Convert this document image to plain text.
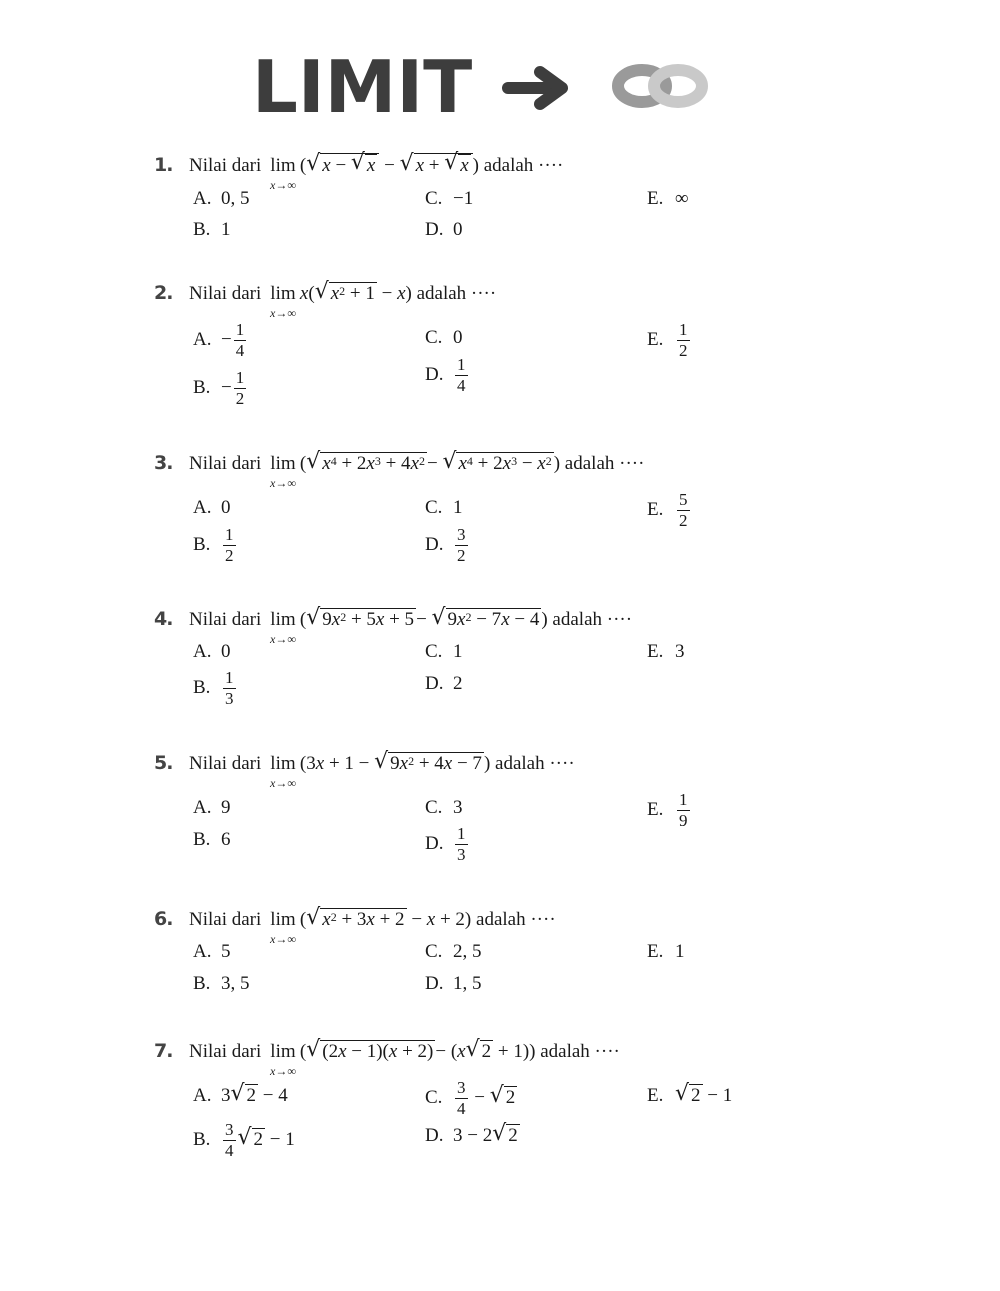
LIMIT
1. Nilai dari lim
x→∞
( √ x − √ x − √ x + √ x ) adalah ····
A. 0, 5
B. 1
C. −1
D. 0
E. ∞
2. Nilai dari lim
x→∞
x( √ $x^2 + 1 - x$) adalah ····
A. − $\frac{1}{4}$
B. − $\frac{1}{2}$
C. 0
D. $\frac{1}{4}$
E. $\frac{1}{2}$
3. Nilai dari lim
x→∞
( √ $x^4 + 2x^3 + 4x^2$ − √ $x^4 + 2x^3 - x^2$ ) adalah ····
A. 0
B. $\frac{1}{2}$
C. 1
D. $\frac{3}{2}$
E. $\frac{5}{2}$
4. Nilai dari lim
x→∞
( √ $9x^2 + 5x + 5$ − √ $9x^2 - 7x - 4$ ) adalah ····
A. 0
B. $\frac{1}{3}$
C. 1
D. 2
E. 3
5. Nilai dari lim
x→∞
(3x + 1 − √ $9x^2 + 4x - 7$ ) adalah ····
A. 9
B. 6
C. 3
D. $\frac{1}{3}$
E. $\frac{1}{9}$
6. Nilai dari lim
x→∞
( √ $x^2 + 3x + 2 - x + 2$) adalah ····
A. 5
B. 3, 5
C. 2, 5
D. 1, 5
E. 1
7. Nilai dari lim
x→∞
( √ (2x − 1)(x + 2) − (x √ 2 + 1)) adalah ····
A. 3 √ 2 − 4
B. $\frac{3}{4}$ √ 2 − 1
C. $\frac{3}{4}$ − √ 2
D. 3 − 2 √ 2
E. √ 2 − 1
